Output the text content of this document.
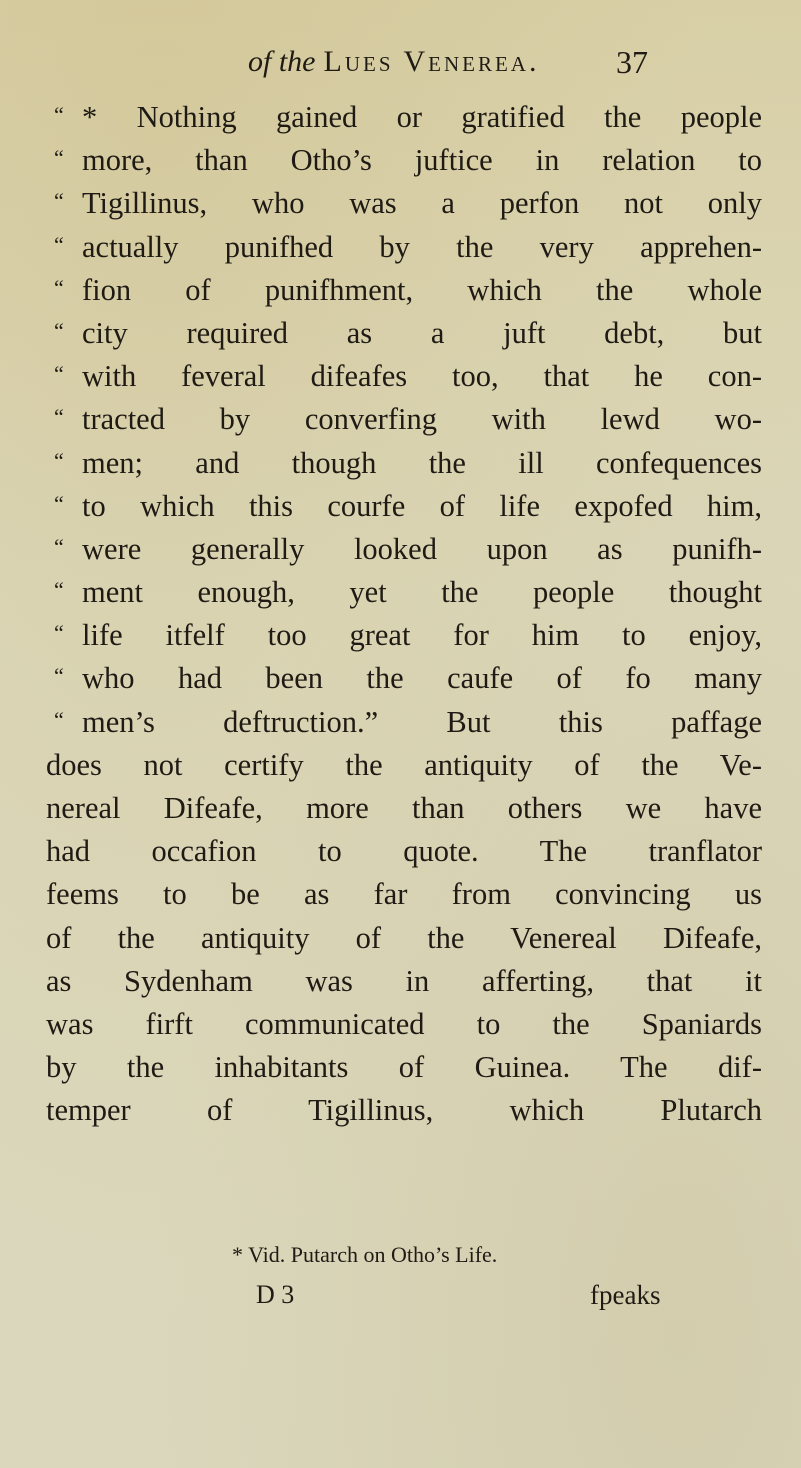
of the Lues Venerea. 37
“ * Nothing gained or gratified the people
“ more, than Otho’s juftice in relation to
“ Tigillinus, who was a perfon not only
“ actually punifhed by the very apprehen-
“ fion of punifhment, which the whole
“ city required as a juft debt, but
“ with feveral difeafes too, that he con-
“ tracted by converfing with lewd wo-
“ men; and though the ill confequences
“ to which this courfe of life expofed him,
“ were generally looked upon as punifh-
“ ment enough, yet the people thought
“ life itfelf too great for him to enjoy,
“ who had been the caufe of fo many
“ men’s deftruction.” But this paffage
does not certify the antiquity of the Ve-
nereal Difeafe, more than others we have
had occafion to quote. The tranflator
feems to be as far from convincing us
of the antiquity of the Venereal Difeafe,
as Sydenham was in afferting, that it
was firft communicated to the Spaniards
by the inhabitants of Guinea. The dif-
temper of Tigillinus, which Plutarch
* Vid. Putarch on Otho’s Life.
D 3	fpeaks
